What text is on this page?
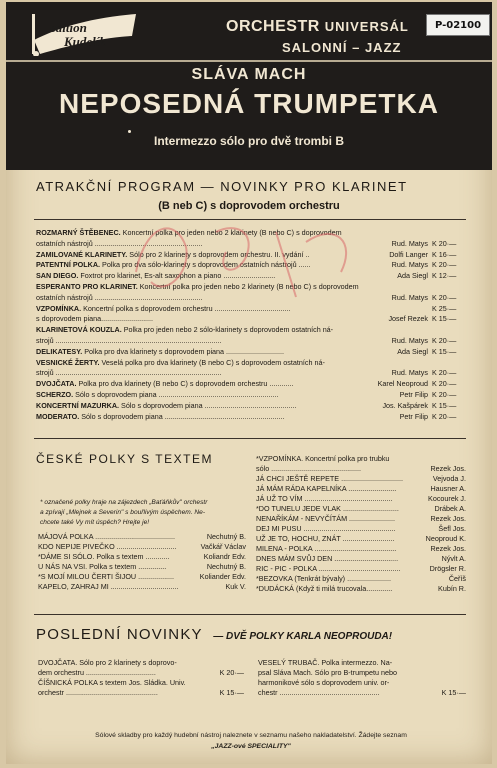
edition
Kudelík
ORCHESTR UNIVERSÁL
SALONNÍ – JAZZ
P-02100
SLÁVA MACH
NEPOSEDNÁ TRUMPETKA
Intermezzo sólo pro dvě trombi B
ATRAKČNÍ PROGRAM — NOVINKY PRO KLARINET
(B neb C) s doprovodem orchestru
ROZMARNÝ ŠTĚBENEC. Koncertní polka pro jeden nebo 2 klarinety (B nebo C) s doprovodem
ostatních nástrojů ......................................................	Rud. Matys K 20·—
ZAMILOVANÉ KLARINETY. Sólo pro 2 klarinety s doprovodem orchestru. II. vydání ..	Dolfi Langer K 16·—
PATENTNÍ POLKA. Polka pro dva sólo-klarinety s doprovodem ostatních nástrojů ......	Rud. Matys K 20·—
SAN DIEGO. Foxtrot pro klarinet, Es-alt saxophon a piano ..........................	Ada Siegl K 12·—
ESPERANTO PRO KLARINET. Koncertní polka pro jeden nebo 2 klarinety (B nebo C) s doprovodem
ostatních nástrojů ......................................................	Rud. Matys K 20·—
VZPOMÍNKA. Koncertní polka s doprovodem orchestru ......................................	K 25·—
s doprovodem piana..........................	Josef Rezek K 15·—
KLARINETOVÁ KOUZLA. Polka pro jeden nebo 2 sólo-klarinety s doprovodem ostatních ná-
strojů ...................................................................................	Rud. Matys K 20·—
DELIKATESY. Polka pro dva klarinety s doprovodem piana .............................	Ada Siegl K 15·—
VESNICKÉ ŽERTY. Veselá polka pro dva klarinety (B nebo C) s doprovodem ostatních ná-
strojů ...................................................................................	Rud. Matys K 20·—
DVOJČATA. Polka pro dva klarinety (B nebo C) s doprovodem orchestru ............	Karel Neoproud K 20·—
SCHERZO. Sólo s doprovodem piana ............................................................	Petr Filip K 20·—
KONCERTNÍ MAZURKA. Sólo s doprovodem piana ..............................................	Jos. Kašpárek K 15·—
MODERATO. Sólo s doprovodem piana ............................................................	Petr Filip K 20·—
ČESKÉ POLKY S TEXTEM
* označené polky hraje na zájezdech „Baťáňkův" orchestr
a zpívají „Mlejnek a Severin" s bouřlivým úspěchem. Ne-
chcete také Vy mít úspěch? Hrejte je!
MÁJOVÁ POLKA ........................................	Nechutný B.
KDO NEPIJE PIVEČKO ..............................	Vačkář Václav
*DÁME SI SÓLO. Polka s textem ............	Koliandr Edv.
U NÁS NA VSI. Polka s textem ..............	Nechutný B.
*S MOJÍ MILOU ČERTI ŠIJOU ..................	Koliander Edv.
KAPELO, ZAHRAJ MI ..................................	Kuk V.
*VZPOMÍNKA. Koncertní polka pro trubku
sólo .............................................	Rezek Jos.
JÁ CHCI JEŠTĚ REPETE ...............................	Vejvoda J.
JÁ MÁM RÁDA KAPELNÍKA ........................	Hausner A.
JÁ UŽ TO VÍM ............................................	Kocourek J.
*DO TUNELU JEDE VLAK ............................	Drábek A.
NENAŘÍKÁM - NEVYČÍTÁM .......................	Rezek Jos.
DEJ MI PUSU ..............................................	Šefl Jos.
UŽ JE TO, HOCHU, ZNÁT ..........................	Neoproud K.
MILENA - POLKA .........................................	Rezek Jos.
DNES MÁM SVŮJ DEN ................................	Nývlt A.
RIC - PIC - POLKA .........................................	Drögsler R.
*BEZOVKA (Tenkrát bývaly) ......................	Čeříš
*DUDÁCKÁ (Když ti milá trucovala.............	Kubín R.
POSLEDNÍ NOVINKY — DVĚ POLKY KARLA NEOPROUDA!
DVOJČATA. Sólo pro 2 klarinety s doprovo-
dem orchestru ...................................	K 20·—
ČÍŠNICKÁ POLKA s textem Jos. Sládka. Univ.
orchestr ..............................................	K 15·—
VESELÝ TRUBAČ. Polka intermezzo. Na-
psal Sláva Mach. Sólo pro B-trumpetu nebo
harmonikové sólo s doprovodem univ. or-
chestr ..................................................	K 15·—
Sólové skladby pro každý hudební nástroj naleznete v seznamu našeho nakladatelství. Žádejte seznam
„JAZZ-ové SPECIALITY"
